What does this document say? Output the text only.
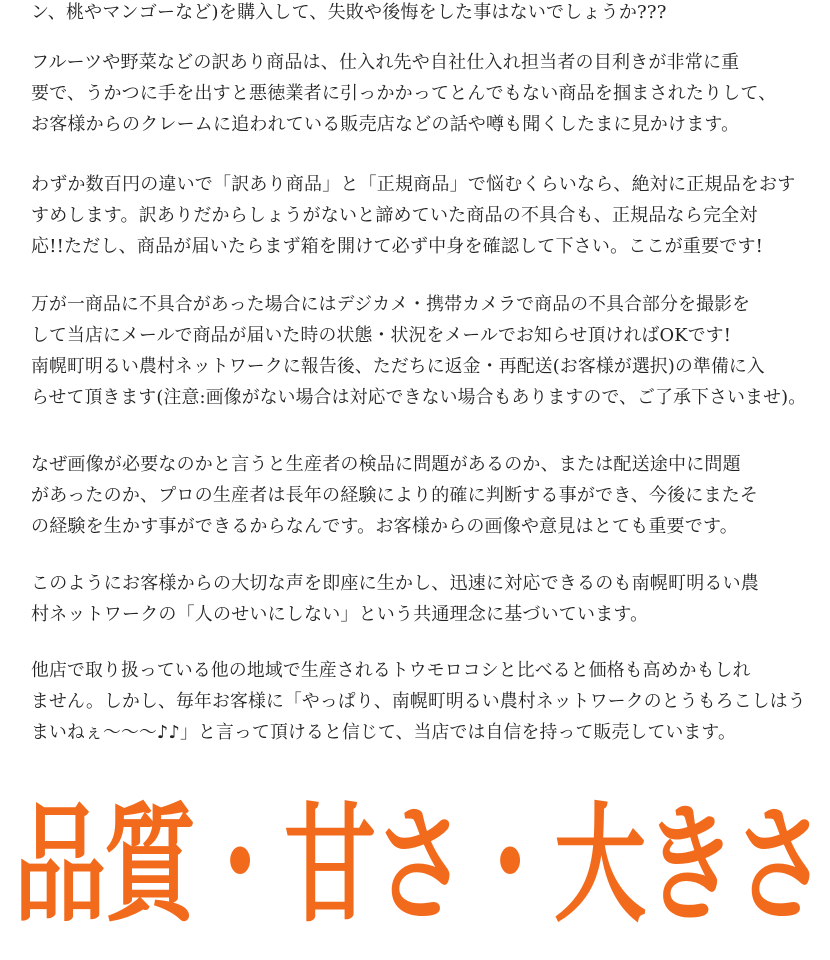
ン、桃やマンゴーなど)を購入して、失敗や後悔をした事はないでしょうか???

フルーツや野菜などの訳あり商品は、仕入れ先や自社仕入れ担当者の目利きが非常に重
要で、うかつに手を出すと悪徳業者に引っかかってとんでもない商品を掴まされたりして、
お客様からのクレームに追われている販売店などの話や噂も聞くしたまに見かけます。

わずか数百円の違いで「訳あり商品」と「正規商品」で悩むくらいなら、絶対に正規品をおす
すめします。訳ありだからしょうがないと諦めていた商品の不具合も、正規品なら完全対
応!!ただし、商品が届いたらまず箱を開けて必ず中身を確認して下さい。ここが重要です!

万が一商品に不具合があった場合にはデジカメ・携帯カメラで商品の不具合部分を撮影を して当店にメールで商品が届いた時の状態・状況をメールでお知らせ頂ければOKです! 南幌町明るい農村ネットワークに報告後、ただちに返金・再配送(お客様が選択)の準備に入 らせて頂きます(注意:画像がない場合は対応できない場合もありますので、ご了承下さいませ)。

なぜ画像が必要なのかと言うと生産者の検品に問題があるのか、または配送途中に問題
があったのか、プロの生産者は長年の経験により的確に判断する事ができ、今後にまたそ
の経験を生かす事ができるからなんです。お客様からの画像や意見はとても重要です。

このようにお客様からの大切な声を即座に生かし、迅速に対応できるのも南幌町明るい農
村ネットワークの「人のせいにしない」という共通理念に基づいています。

他店で取り扱っている他の地域で生産されるトウモロコシと比べると価格も高めかもしれ ません。しかし、毎年お客様に「やっぱり、南幌町明るい農村ネットワークのとうもろこしはう まいねぇ〜〜〜♪♪」と言って頂けると信じて、当店では自信を持って販売しています。

品質・甘さ・大きさ
